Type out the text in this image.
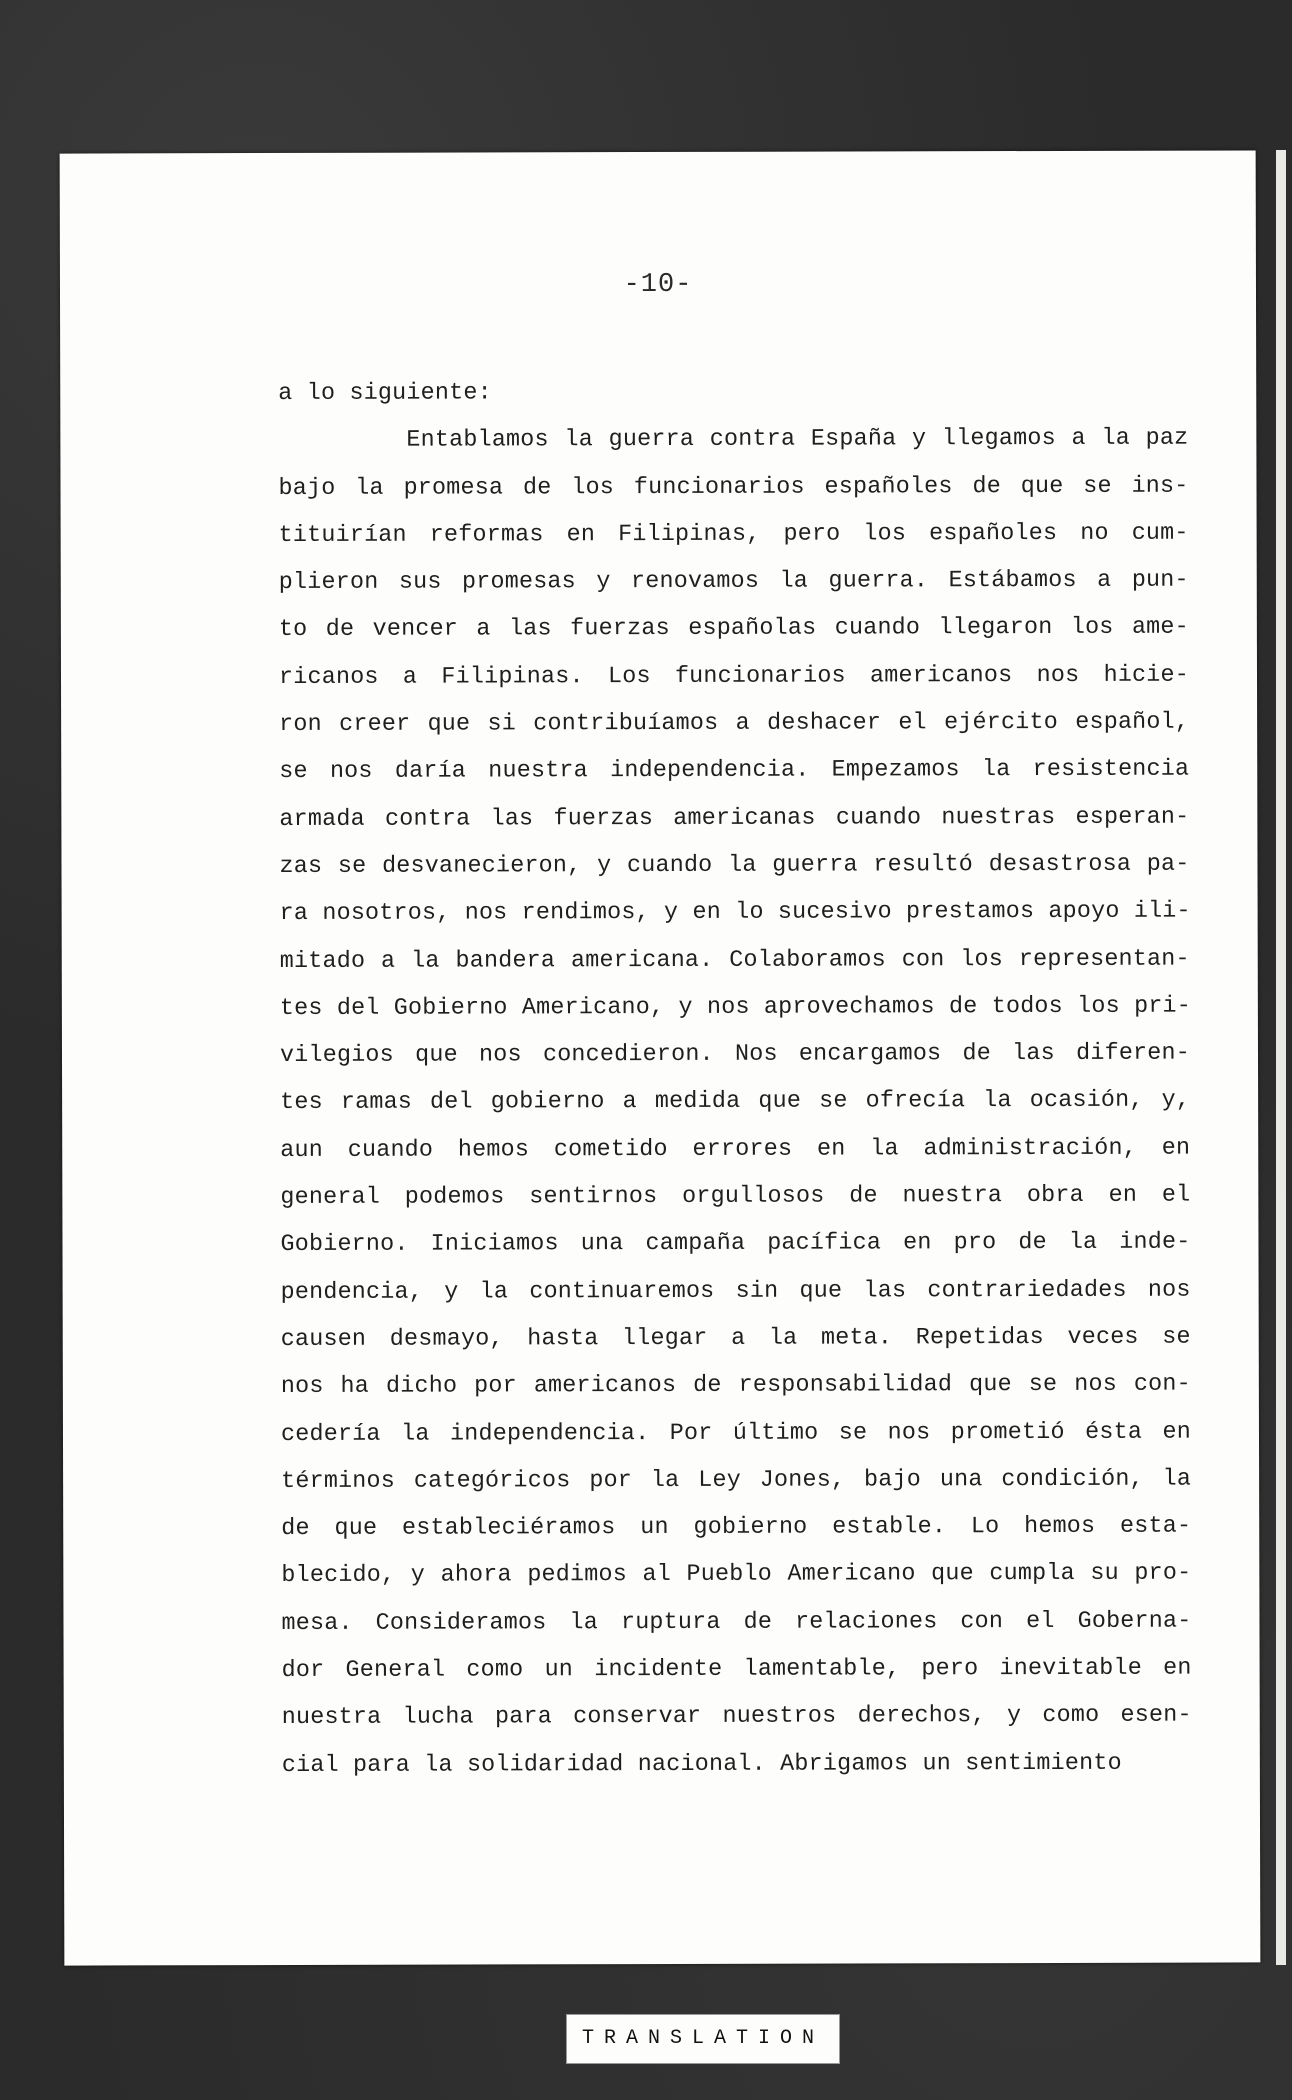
-10-
a lo siguiente:
Entablamos la guerra contra España y llegamos a la paz
bajo la promesa de los funcionarios españoles de que se ins-
tituirían reformas en Filipinas, pero los españoles no cum-
plieron sus promesas y renovamos la guerra. Estábamos a pun-
to de vencer a las fuerzas españolas cuando llegaron los ame-
ricanos a Filipinas. Los funcionarios americanos nos hicie-
ron creer que si contribuíamos a deshacer el ejército español,
se nos daría nuestra independencia. Empezamos la resistencia
armada contra las fuerzas americanas cuando nuestras esperan-
zas se desvanecieron, y cuando la guerra resultó desastrosa pa-
ra nosotros, nos rendimos, y en lo sucesivo prestamos apoyo ili-
mitado a la bandera americana. Colaboramos con los representan-
tes del Gobierno Americano, y nos aprovechamos de todos los pri-
vilegios que nos concedieron. Nos encargamos de las diferen-
tes ramas del gobierno a medida que se ofrecía la ocasión, y,
aun cuando hemos cometido errores en la administración, en
general podemos sentirnos orgullosos de nuestra obra en el
Gobierno. Iniciamos una campaña pacífica en pro de la inde-
pendencia, y la continuaremos sin que las contrariedades nos
causen desmayo, hasta llegar a la meta. Repetidas veces se
nos ha dicho por americanos de responsabilidad que se nos con-
cedería la independencia. Por último se nos prometió ésta en
términos categóricos por la Ley Jones, bajo una condición, la
de que estableciéramos un gobierno estable. Lo hemos esta-
blecido, y ahora pedimos al Pueblo Americano que cumpla su pro-
mesa. Consideramos la ruptura de relaciones con el Goberna-
dor General como un incidente lamentable, pero inevitable en
nuestra lucha para conservar nuestros derechos, y como esen-
cial para la solidaridad nacional. Abrigamos un sentimiento
TRANSLATION
